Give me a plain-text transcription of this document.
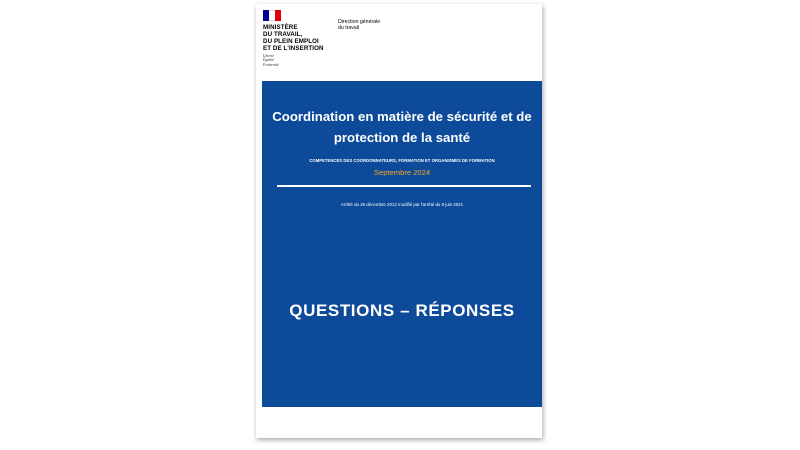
MINISTÈRE
DU TRAVAIL,
DU PLEIN EMPLOI
ET DE L'INSERTION
Liberté
Égalité
Fraternité
Direction générale
du travail
Coordination en matière de sécurité et de
protection de la santé
COMPETENCES DES COORDONNATEURS, FORMATION ET ORGANISMES DE FORMATION
Septembre 2024
Arrêté du 26 décembre 2012 modifié par l'arrêté du 8 juin 2021
QUESTIONS – RÉPONSES
